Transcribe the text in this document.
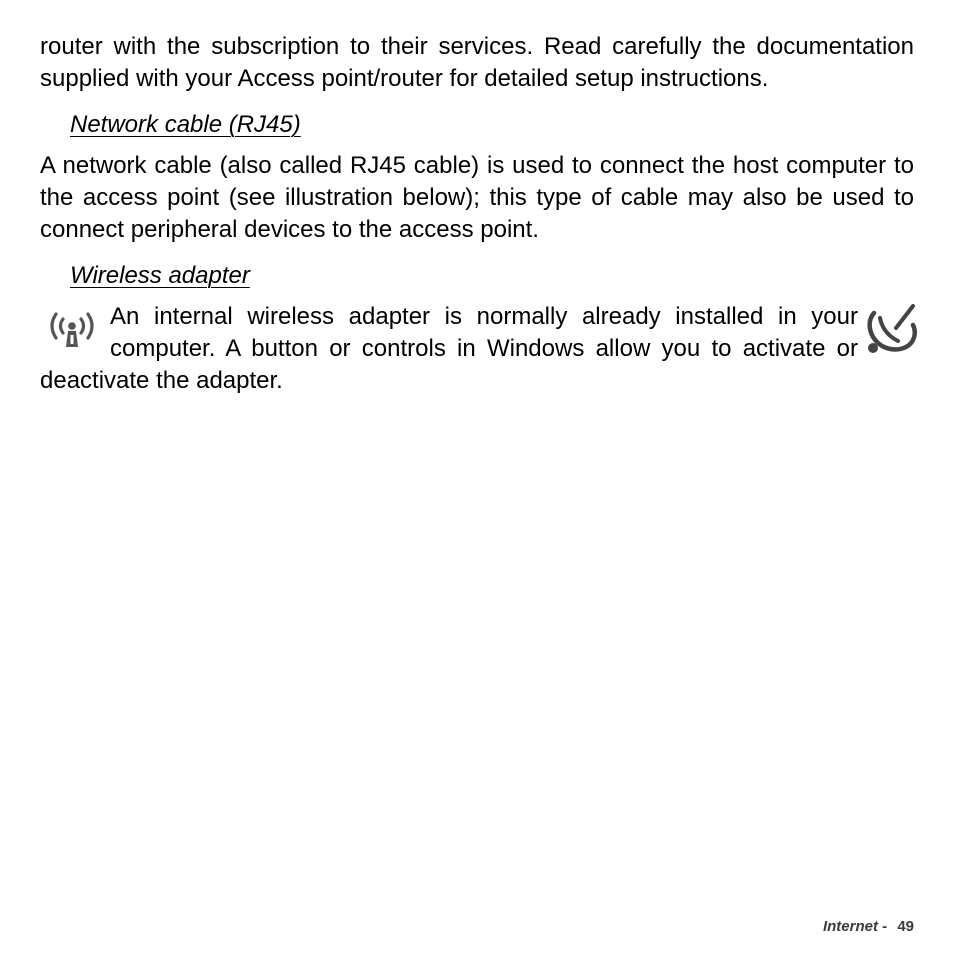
router with the subscription to their services. Read carefully the documentation supplied with your Access point/router for detailed setup instructions.

Network cable (RJ45)

A network cable (also called RJ45 cable) is used to connect the host computer to the access point (see illustration below); this type of cable may also be used to connect peripheral devices to the access point.

Wireless adapter

An internal wireless adapter is normally already installed in your computer. A button or controls in Windows allow you to activate or deactivate the adapter.

Internet - 49
